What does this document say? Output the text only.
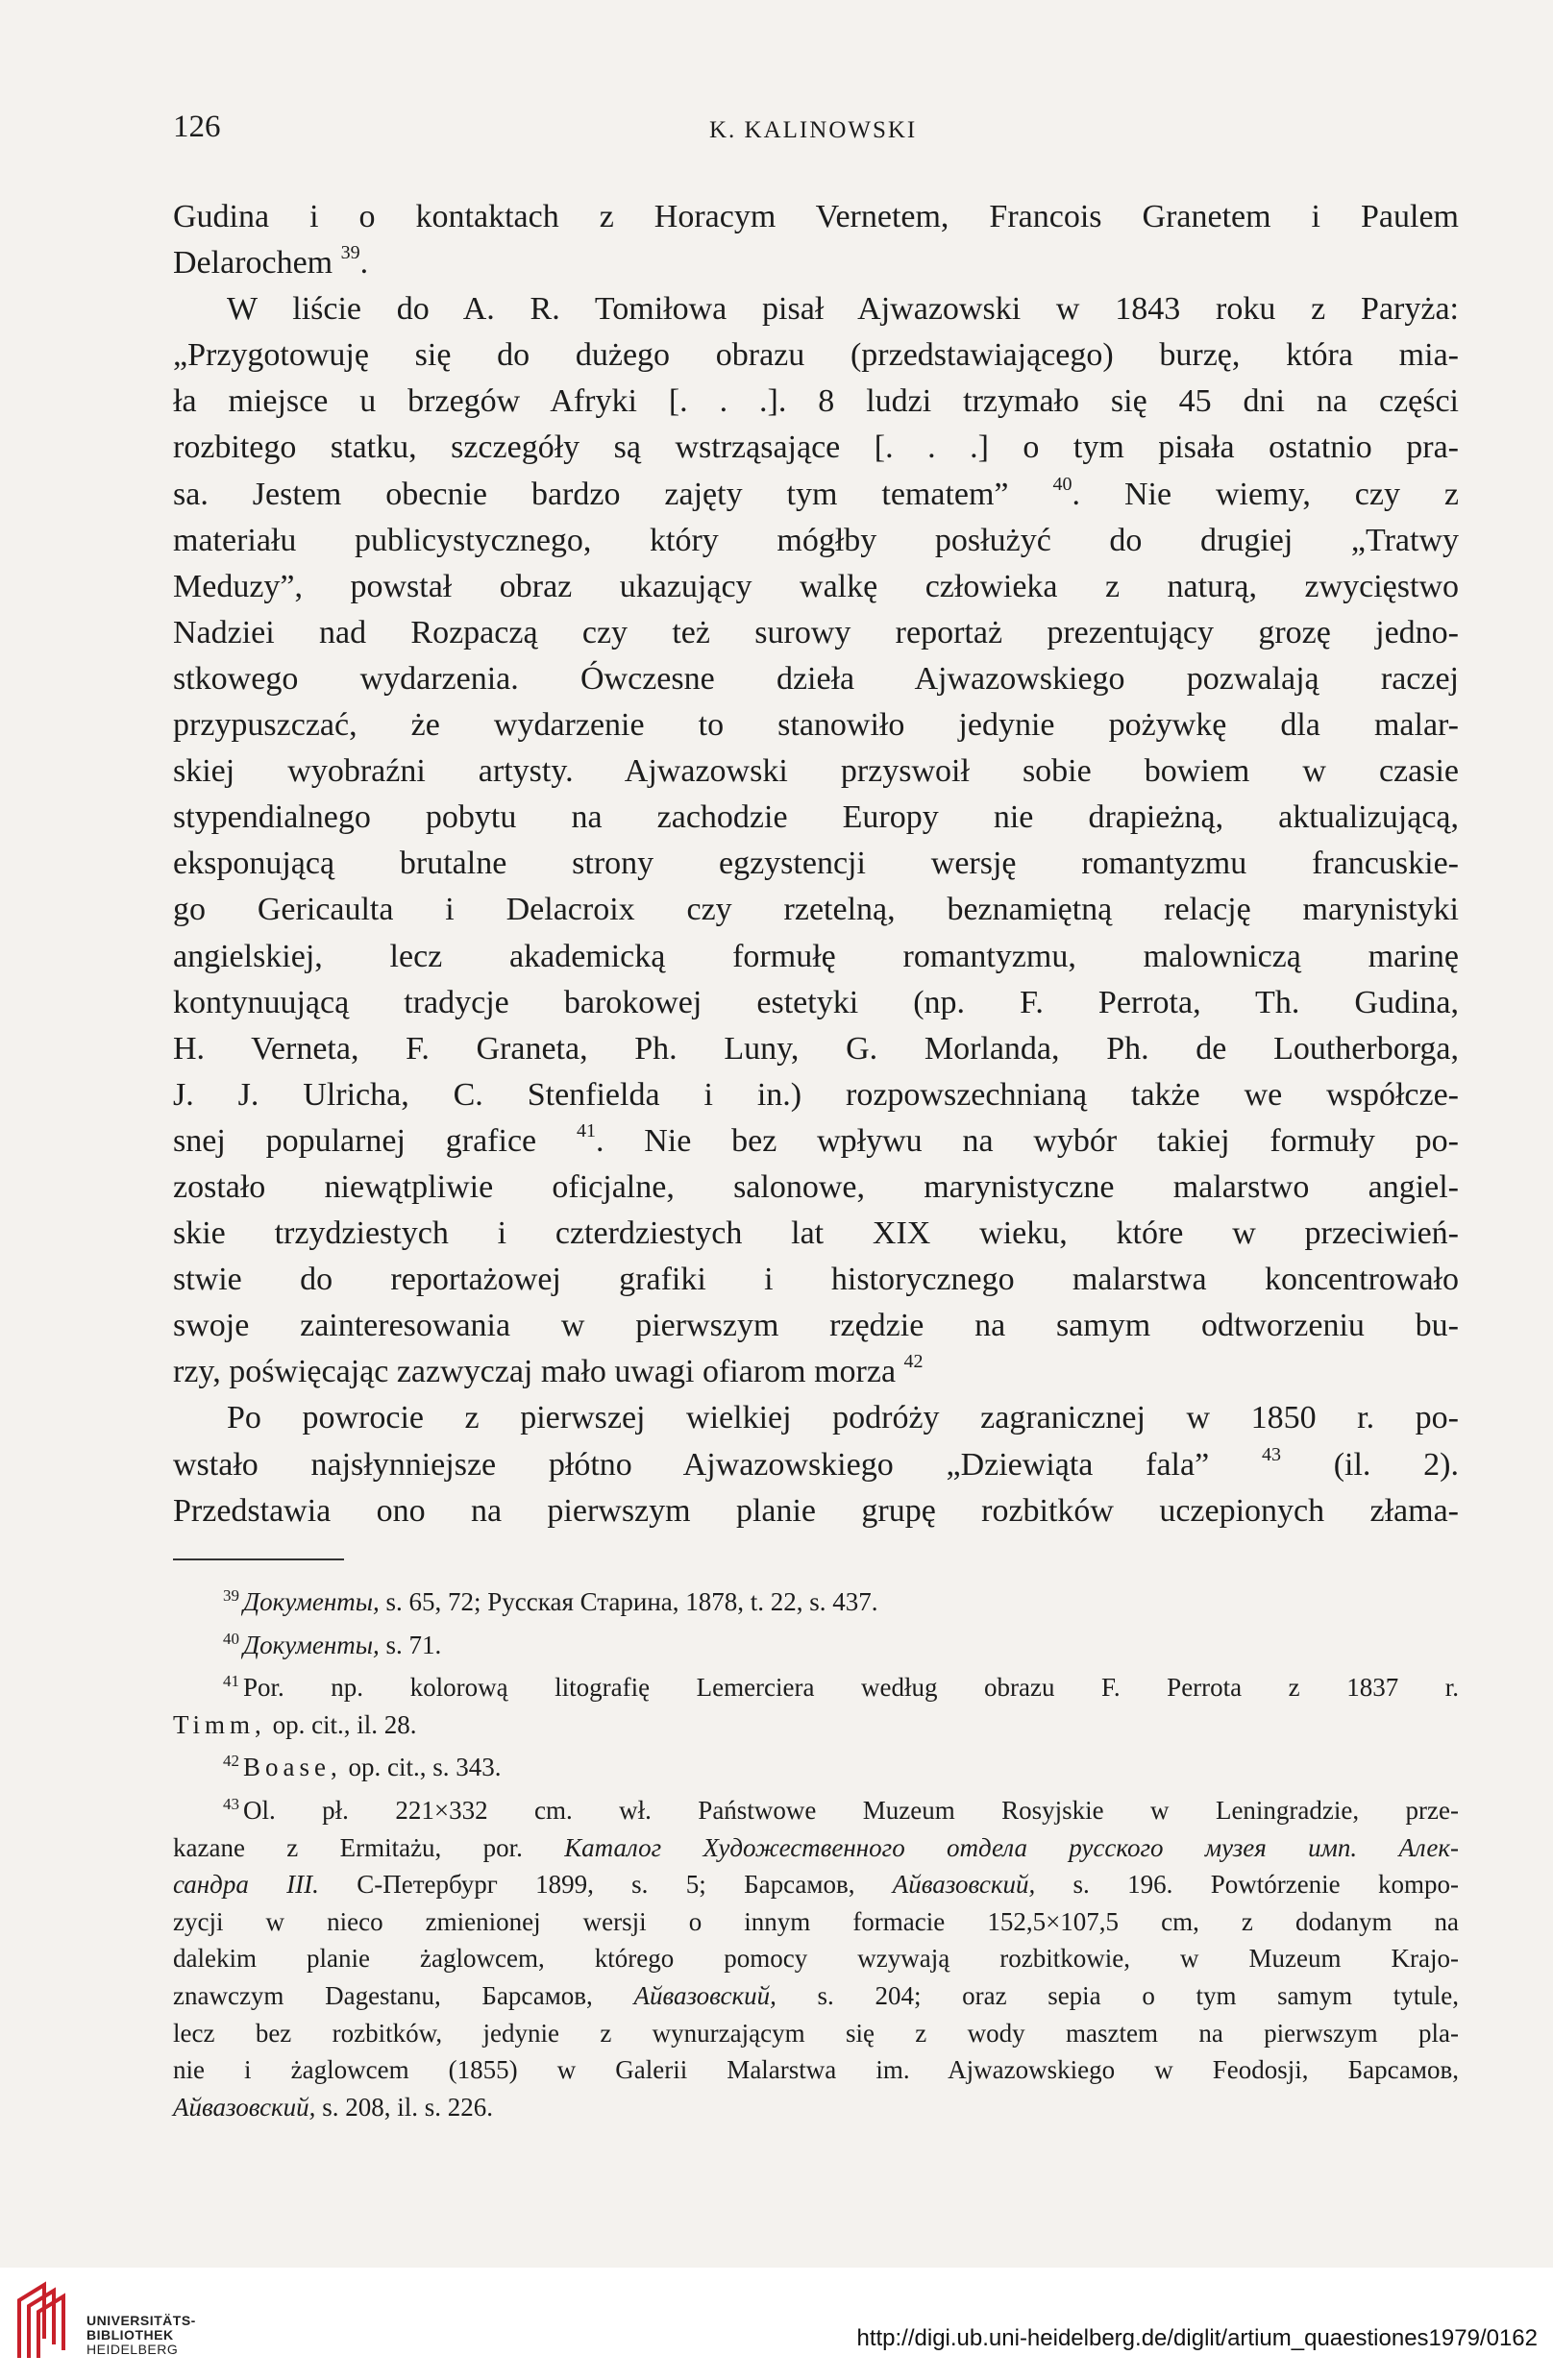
126	K. KALINOWSKI
Gudina i o kontaktach z Horacym Vernetem, Francois Granetem i Paulem
Delarochem $^{39}$.
W liście do A. R. Tomiłowa pisał Ajwazowski w 1843 roku z Paryża:
„Przygotowuję się do dużego obrazu (przedstawiającego) burzę, która mia-
ła miejsce u brzegów Afryki [. . .]. 8 ludzi trzymało się 45 dni na części
rozbitego statku, szczegóły są wstrząsające [. . .] o tym pisała ostatnio pra-
sa. Jestem obecnie bardzo zajęty tym tematem” $^{40}$. Nie wiemy, czy z
materiału publicystycznego, który mógłby posłużyć do drugiej „Tratwy
Meduzy”, powstał obraz ukazujący walkę człowieka z naturą, zwycięstwo
Nadziei nad Rozpaczą czy też surowy reportaż prezentujący grozę jedno-
stkowego wydarzenia. Ówczesne dzieła Ajwazowskiego pozwalają raczej
przypuszczać, że wydarzenie to stanowiło jedynie pożywkę dla malar-
skiej wyobraźni artysty. Ajwazowski przyswoił sobie bowiem w czasie
stypendialnego pobytu na zachodzie Europy nie drapieżną, aktualizującą,
eksponującą brutalne strony egzystencji wersję romantyzmu francuskie-
go Gericaulta i Delacroix czy rzetelną, beznamiętną relację marynistyki
angielskiej, lecz akademicką formułę romantyzmu, malowniczą marinę
kontynuującą tradycje barokowej estetyki (np. F. Perrota, Th. Gudina,
H. Verneta, F. Graneta, Ph. Luny, G. Morlanda, Ph. de Loutherborga,
J. J. Ulricha, C. Stenfielda i in.) rozpowszechnianą także we współcze-
snej popularnej grafice $^{41}$. Nie bez wpływu na wybór takiej formuły po-
zostało niewątpliwie oficjalne, salonowe, marynistyczne malarstwo angiel-
skie trzydziestych i czterdziestych lat XIX wieku, które w przeciwień-
stwie do reportażowej grafiki i historycznego malarstwa koncentrowało
swoje zainteresowania w pierwszym rzędzie na samym odtworzeniu bu-
rzy, poświęcając zazwyczaj mało uwagi ofiarom morza $^{42}$
Po powrocie z pierwszej wielkiej podróży zagranicznej w 1850 r. po-
wstało najsłynniejsze płótno Ajwazowskiego „Dziewiąta fala”	$^{43}$ (il. 2).
Przedstawia ono na pierwszym planie grupę rozbitków uczepionych złama-
$^{39}$ Документы, s. 65, 72; Русская Старина, 1878, t. 22, s. 437.
$^{40}$ Документы, s. 71.
$^{41}$ Por. np. kolorową litografię Lemerciera według obrazu F. Perrota z 1837 r.
Timm, op. cit., il. 28.
$^{42}$ Boase, op. cit., s. 343.
$^{43}$ Ol. pł. 221×332 cm. wł. Państwowe Muzeum Rosyjskie w Leningradzie, prze-
kazane z Ermitażu, por. Каталог Художественного отдела русского музея имп. Алек-
сандра III. С-Петербург 1899, s. 5; Барсамов, Айвазовский, s. 196. Powtórzenie kompo-
zycji w nieco zmienionej wersji o innym formacie 152,5×107,5 cm, z dodanym na
dalekim planie żaglowcem, którego pomocy wzywają rozbitkowie, w Muzeum Krajo-
znawczym Dagestanu, Барсамов, Айвазовский, s. 204; oraz sepia o tym samym tytule,
lecz bez rozbitków, jedynie z wynurzającym się z wody masztem na pierwszym pla-
nie i żaglowcem (1855) w Galerii Malarstwa im. Ajwazowskiego w Feodosji, Барсамов,
Айвазовский, s. 208, il. s. 226.
UNIVERSITÄTS-
BIBLIOTHEK
HEIDELBERG	http://digi.ub.uni-heidelberg.de/diglit/artium_quaestiones1979/0162
